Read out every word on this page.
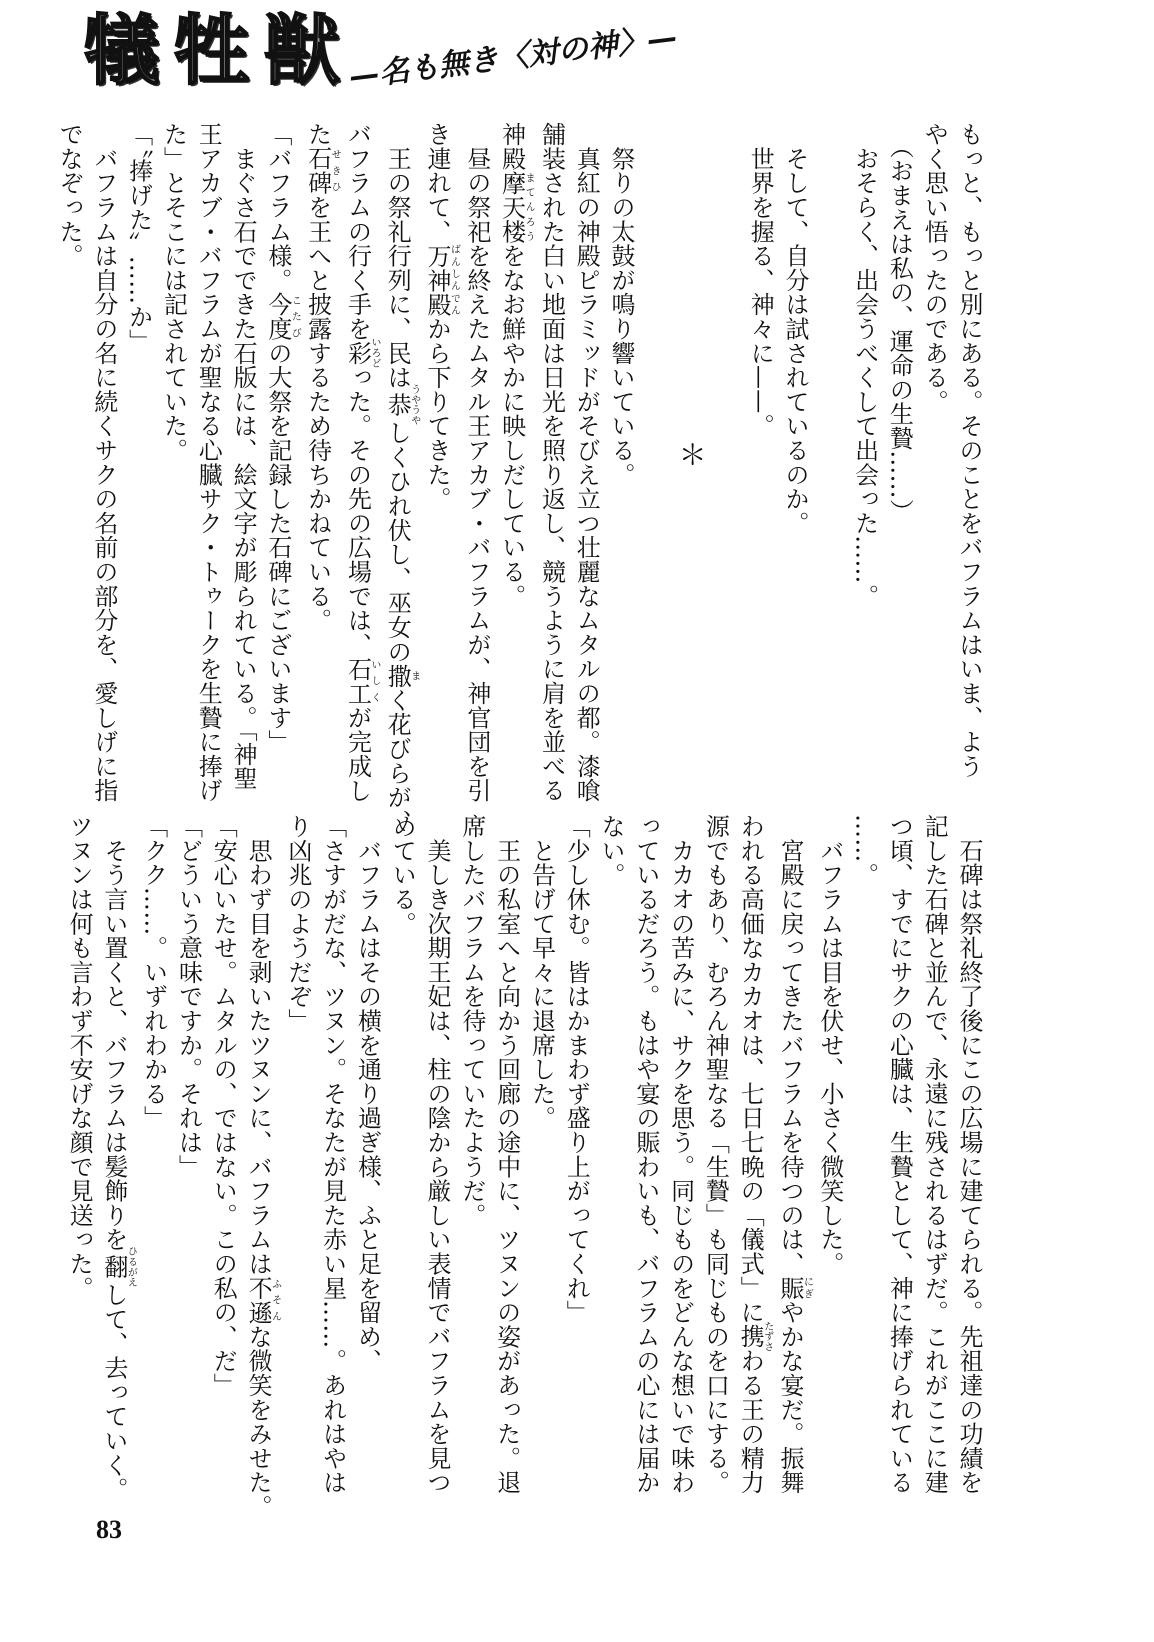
犠牲獣
—名も無き〈対の神〉—
もっと、もっと別にある。そのことをバフラムはいま、よう
やく思い悟ったのである。
　（おまえは私の、運命の生贄……）
　おそらく、出会うべくして出会った……。
　そして、自分は試されているのか。
　世界を握る、神々に——。
＊
　祭りの太鼓が鳴り響いている。
　真紅の神殿ピラミッドがそびえ立つ壮麗なムタルの都。漆喰
舗装された白い地面は日光を照り返し、競うように肩を並べる
神殿摩天楼まてんろうをなお鮮やかに映しだしている。
　昼の祭祀を終えたムタル王アカブ・バフラムが、神官団を引
き連れて、万神殿ばんしんでんから下りてきた。
　王の祭礼行列に、民は恭うやうやしくひれ伏し、巫女の撒まく花びらが、
バフラムの行く手を彩いろどった。その先の広場では、石工いしくが完成し
た石碑せきひを王へと披露するため待ちかねている。
「バフラム様。今度こたびの大祭を記録した石碑にございます」
　まぐさ石でできた石版には、絵文字が彫られている。「神聖
王アカブ・バフラムが聖なる心臓サク・トゥークを生贄に捧げ
た」とそこには記されていた。
「〝捧げた〟……か」
　バフラムは自分の名に続くサクの名前の部分を、愛しげに指
でなぞった。
　石碑は祭礼終了後にこの広場に建てられる。先祖達の功績を
記した石碑と並んで、永遠に残されるはずだ。これがここに建
つ頃、すでにサクの心臓は、生贄として、神に捧げられている
……。
　バフラムは目を伏せ、小さく微笑した。
　宮殿に戻ってきたバフラムを待つのは、賑にぎやかな宴だ。振舞
われる高価なカカオは、七日七晩の「儀式」に携たずさわる王の精力
源でもあり、むろん神聖なる「生贄」も同じものを口にする。
　カカオの苦みに、サクを思う。同じものをどんな想いで味わ
っているだろう。もはや宴の賑わいも、バフラムの心には届か
ない。
「少し休む。皆はかまわず盛り上がってくれ」
　と告げて早々に退席した。
　王の私室へと向かう回廊の途中に、ツヌンの姿があった。退
席したバフラムを待っていたようだ。
　美しき次期王妃は、柱の陰から厳しい表情でバフラムを見つ
めている。
　バフラムはその横を通り過ぎ様、ふと足を留め、
「さすがだな、ツヌン。そなたが見た赤い星……。あれはやは
り凶兆のようだぞ」
　思わず目を剥いたツヌンに、バフラムは不遜ふそんな微笑をみせた。
「安心いたせ。ムタルの、ではない。この私の、だ」
「どういう意味ですか。それは」
「クク……。いずれわかる」
　そう言い置くと、バフラムは髪飾りを翻ひるがえして、去っていく。
ツヌンは何も言わず不安げな顔で見送った。
83
